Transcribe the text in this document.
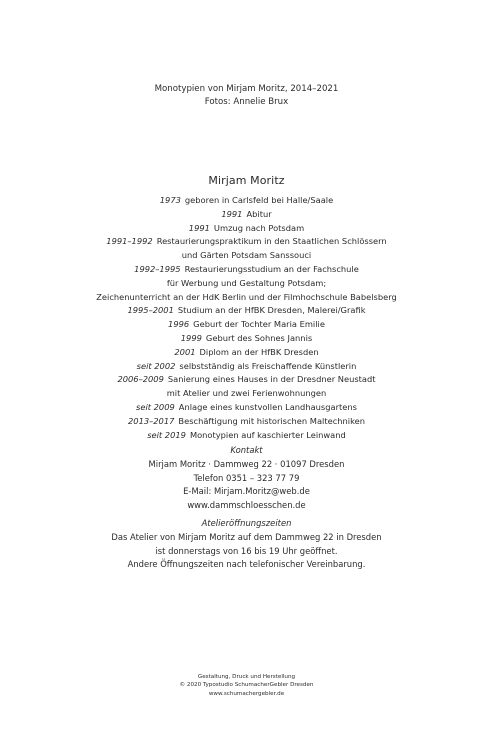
Monotypien von Mirjam Moritz, 2014–2021
Fotos: Annelie Brux
Mirjam Moritz
1973 geboren in Carlsfeld bei Halle/Saale
1991 Abitur
1991 Umzug nach Potsdam
1991–1992 Restaurierungspraktikum in den Staatlichen Schlössern
und Gärten Potsdam Sanssouci
1992–1995 Restaurierungsstudium an der Fachschule
für Werbung und Gestaltung Potsdam;
Zeichenunterricht an der HdK Berlin und der Filmhochschule Babelsberg
1995–2001 Studium an der HfBK Dresden, Malerei/Grafik
1996 Geburt der Tochter Maria Emilie
1999 Geburt des Sohnes Jannis
2001 Diplom an der HfBK Dresden
seit 2002 selbstständig als Freischaffende Künstlerin
2006–2009 Sanierung eines Hauses in der Dresdner Neustadt
mit Atelier und zwei Ferienwohnungen
seit 2009 Anlage eines kunstvollen Landhausgartens
2013–2017 Beschäftigung mit historischen Maltechniken
seit 2019 Monotypien auf kaschierter Leinwand
Kontakt
Mirjam Moritz · Dammweg 22 · 01097 Dresden
Telefon 0351 – 323 77 79
E-Mail: Mirjam.Moritz@web.de
www.dammschloesschen.de
Atelieröffnungszeiten
Das Atelier von Mirjam Moritz auf dem Dammweg 22 in Dresden
ist donnerstags von 16 bis 19 Uhr geöffnet.
Andere Öffnungszeiten nach telefonischer Vereinbarung.
Gestaltung, Druck und Herstellung
© 2020 Typostudio SchumacherGebler Dresden
www.schumachergebler.de
